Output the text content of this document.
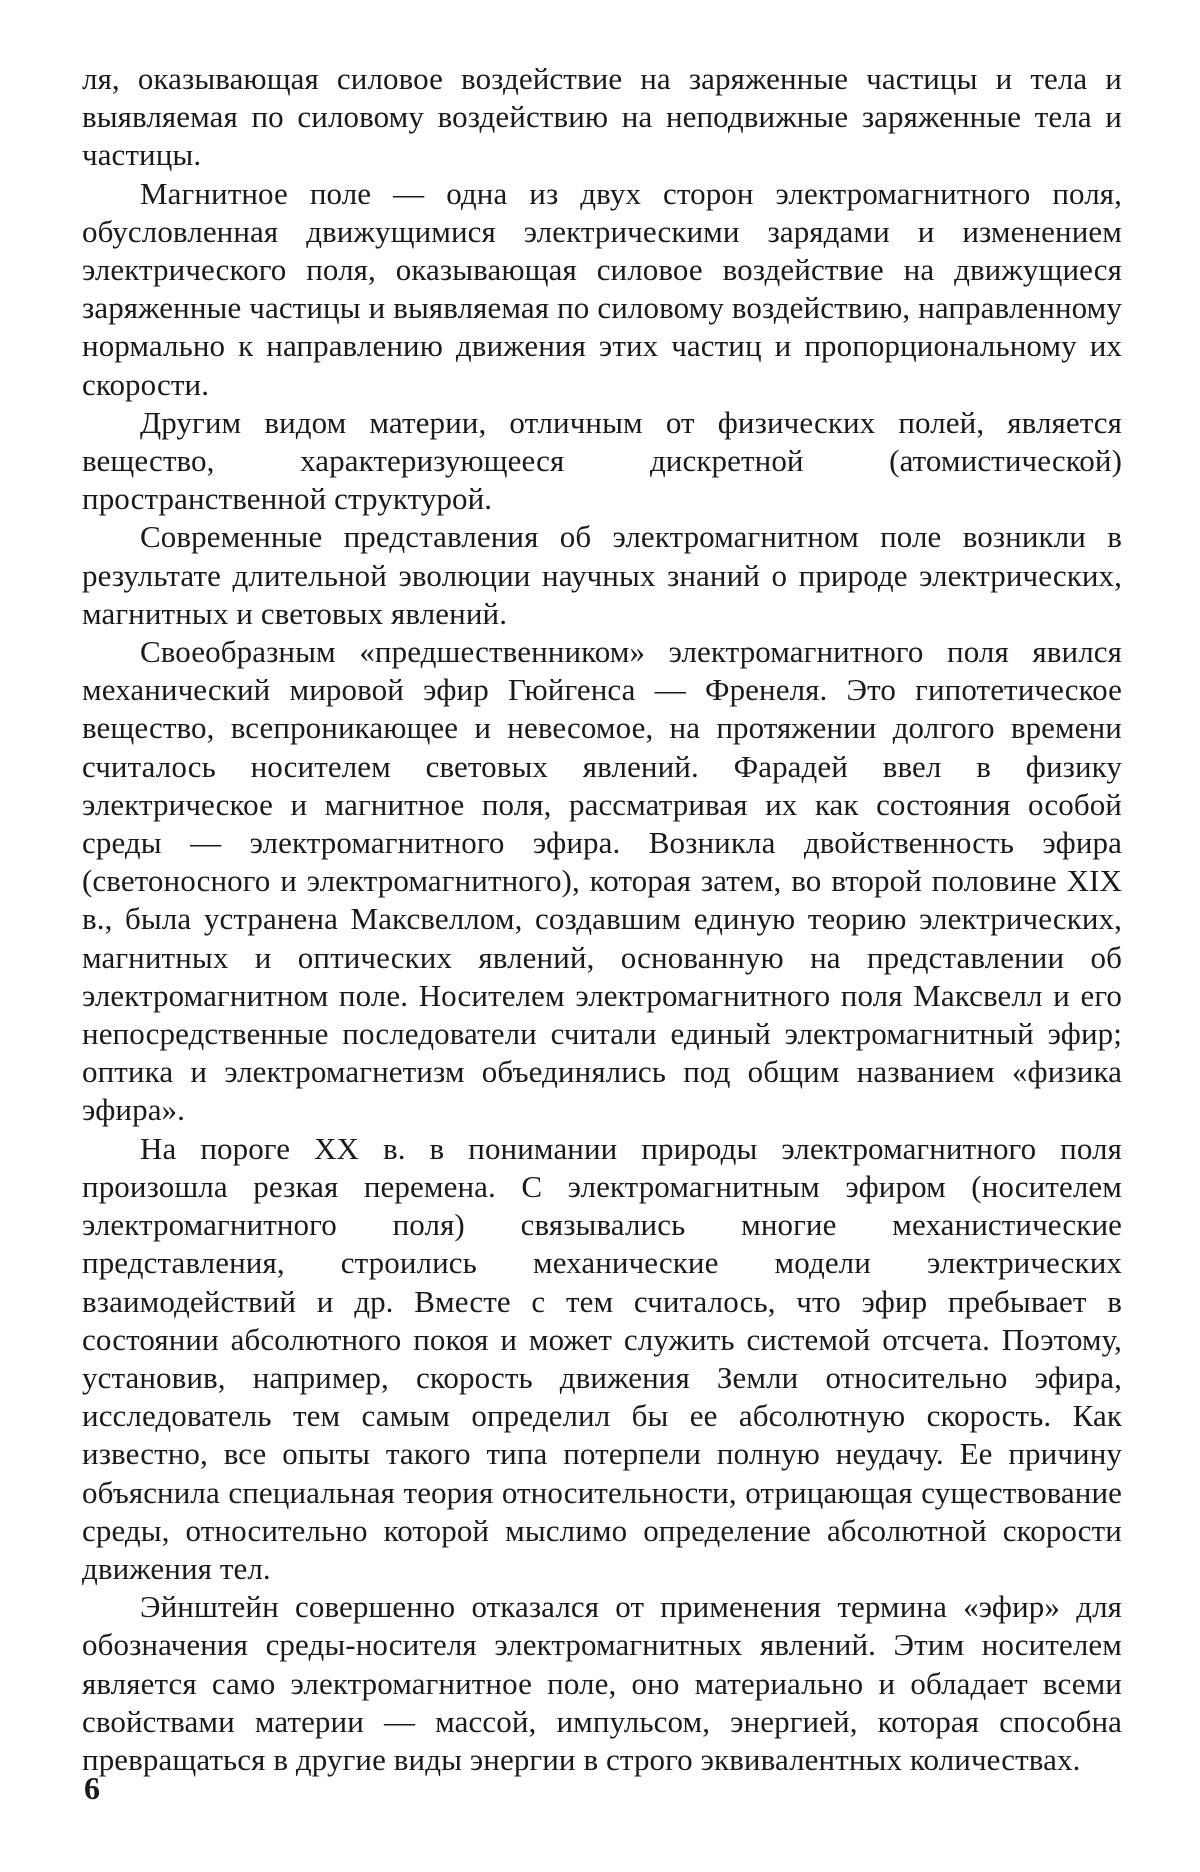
ля, оказывающая силовое воздействие на заряженные частицы и тела и выявляемая по силовому воздействию на неподвижные заряженные тела и частицы.

Магнитное поле — одна из двух сторон электромагнитного поля, обусловленная движущимися электрическими зарядами и изменением электрического поля, оказывающая силовое воздействие на движущиеся заряженные частицы и выявляемая по силовому воздействию, направленному нормально к направлению движения этих частиц и пропорциональному их скорости.

Другим видом материи, отличным от физических полей, является вещество, характеризующееся дискретной (атомистической) пространственной структурой.

Современные представления об электромагнитном поле возникли в результате длительной эволюции научных знаний о природе электрических, магнитных и световых явлений.

Своеобразным «предшественником» электромагнитного поля явился механический мировой эфир Гюйгенса — Френеля. Это гипотетическое вещество, всепроникающее и невесомое, на протяжении долгого времени считалось носителем световых явлений. Фарадей ввел в физику электрическое и магнитное поля, рассматривая их как состояния особой среды — электромагнитного эфира. Возникла двойственность эфира (светоносного и электромагнитного), которая затем, во второй половине XIX в., была устранена Максвеллом, создавшим единую теорию электрических, магнитных и оптических явлений, основанную на представлении об электромагнитном поле. Носителем электромагнитного поля Максвелл и его непосредственные последователи считали единый электромагнитный эфир; оптика и электромагнетизм объединялись под общим названием «физика эфира».

На пороге XX в. в понимании природы электромагнитного поля произошла резкая перемена. С электромагнитным эфиром (носителем электромагнитного поля) связывались многие механистические представления, строились механические модели электрических взаимодействий и др. Вместе с тем считалось, что эфир пребывает в состоянии абсолютного покоя и может служить системой отсчета. Поэтому, установив, например, скорость движения Земли относительно эфира, исследователь тем самым определил бы ее абсолютную скорость. Как известно, все опыты такого типа потерпели полную неудачу. Ее причину объяснила специальная теория относительности, отрицающая существование среды, относительно которой мыслимо определение абсолютной скорости движения тел.

Эйнштейн совершенно отказался от применения термина «эфир» для обозначения среды-носителя электромагнитных явлений. Этим носителем является само электромагнитное поле, оно материально и обладает всеми свойствами материи — массой, импульсом, энергией, которая способна превращаться в другие виды энергии в строго эквивалентных количествах.

6
